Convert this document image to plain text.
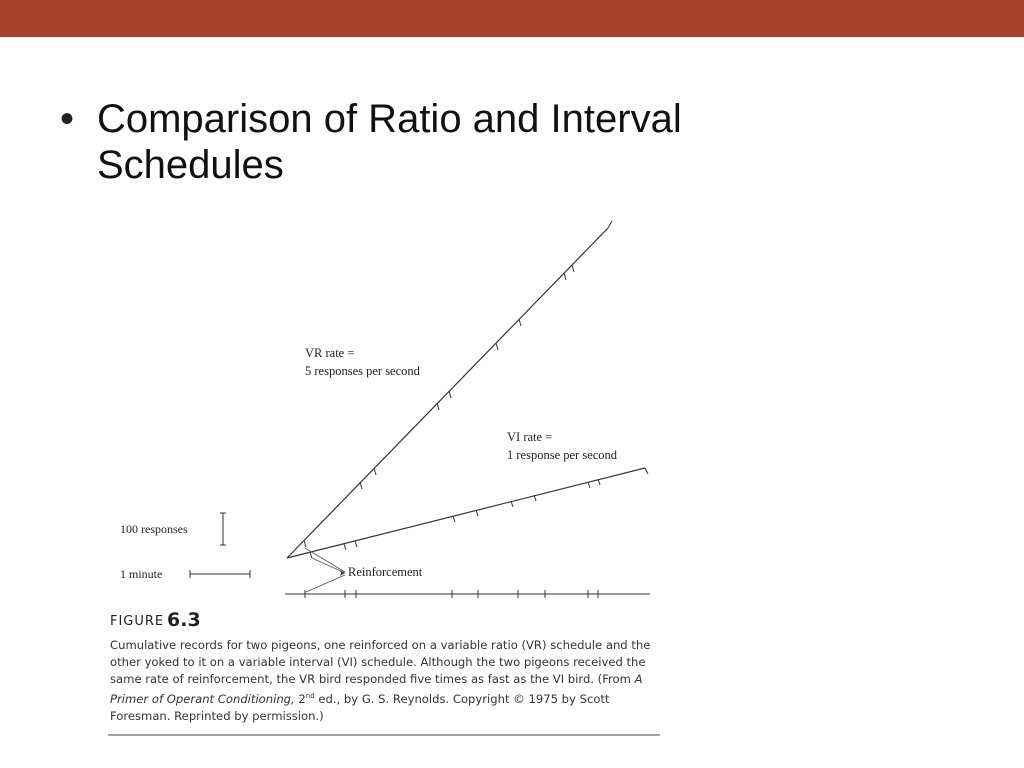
• Comparison of Ratio and Interval Schedules
VR rate =
5 responses per second
VI rate =
1 response per second
100 responses
1 minute	Reinforcement
FIGURE 6.3
Cumulative records for two pigeons, one reinforced on a variable ratio (VR) schedule and the other yoked to it on a variable interval (VI) schedule. Although the two pigeons received the same rate of reinforcement, the VR bird responded five times as fast as the VI bird. (From A Primer of Operant Conditioning, 2nd ed., by G. S. Reynolds. Copyright © 1975 by Scott Foresman. Reprinted by permission.)
